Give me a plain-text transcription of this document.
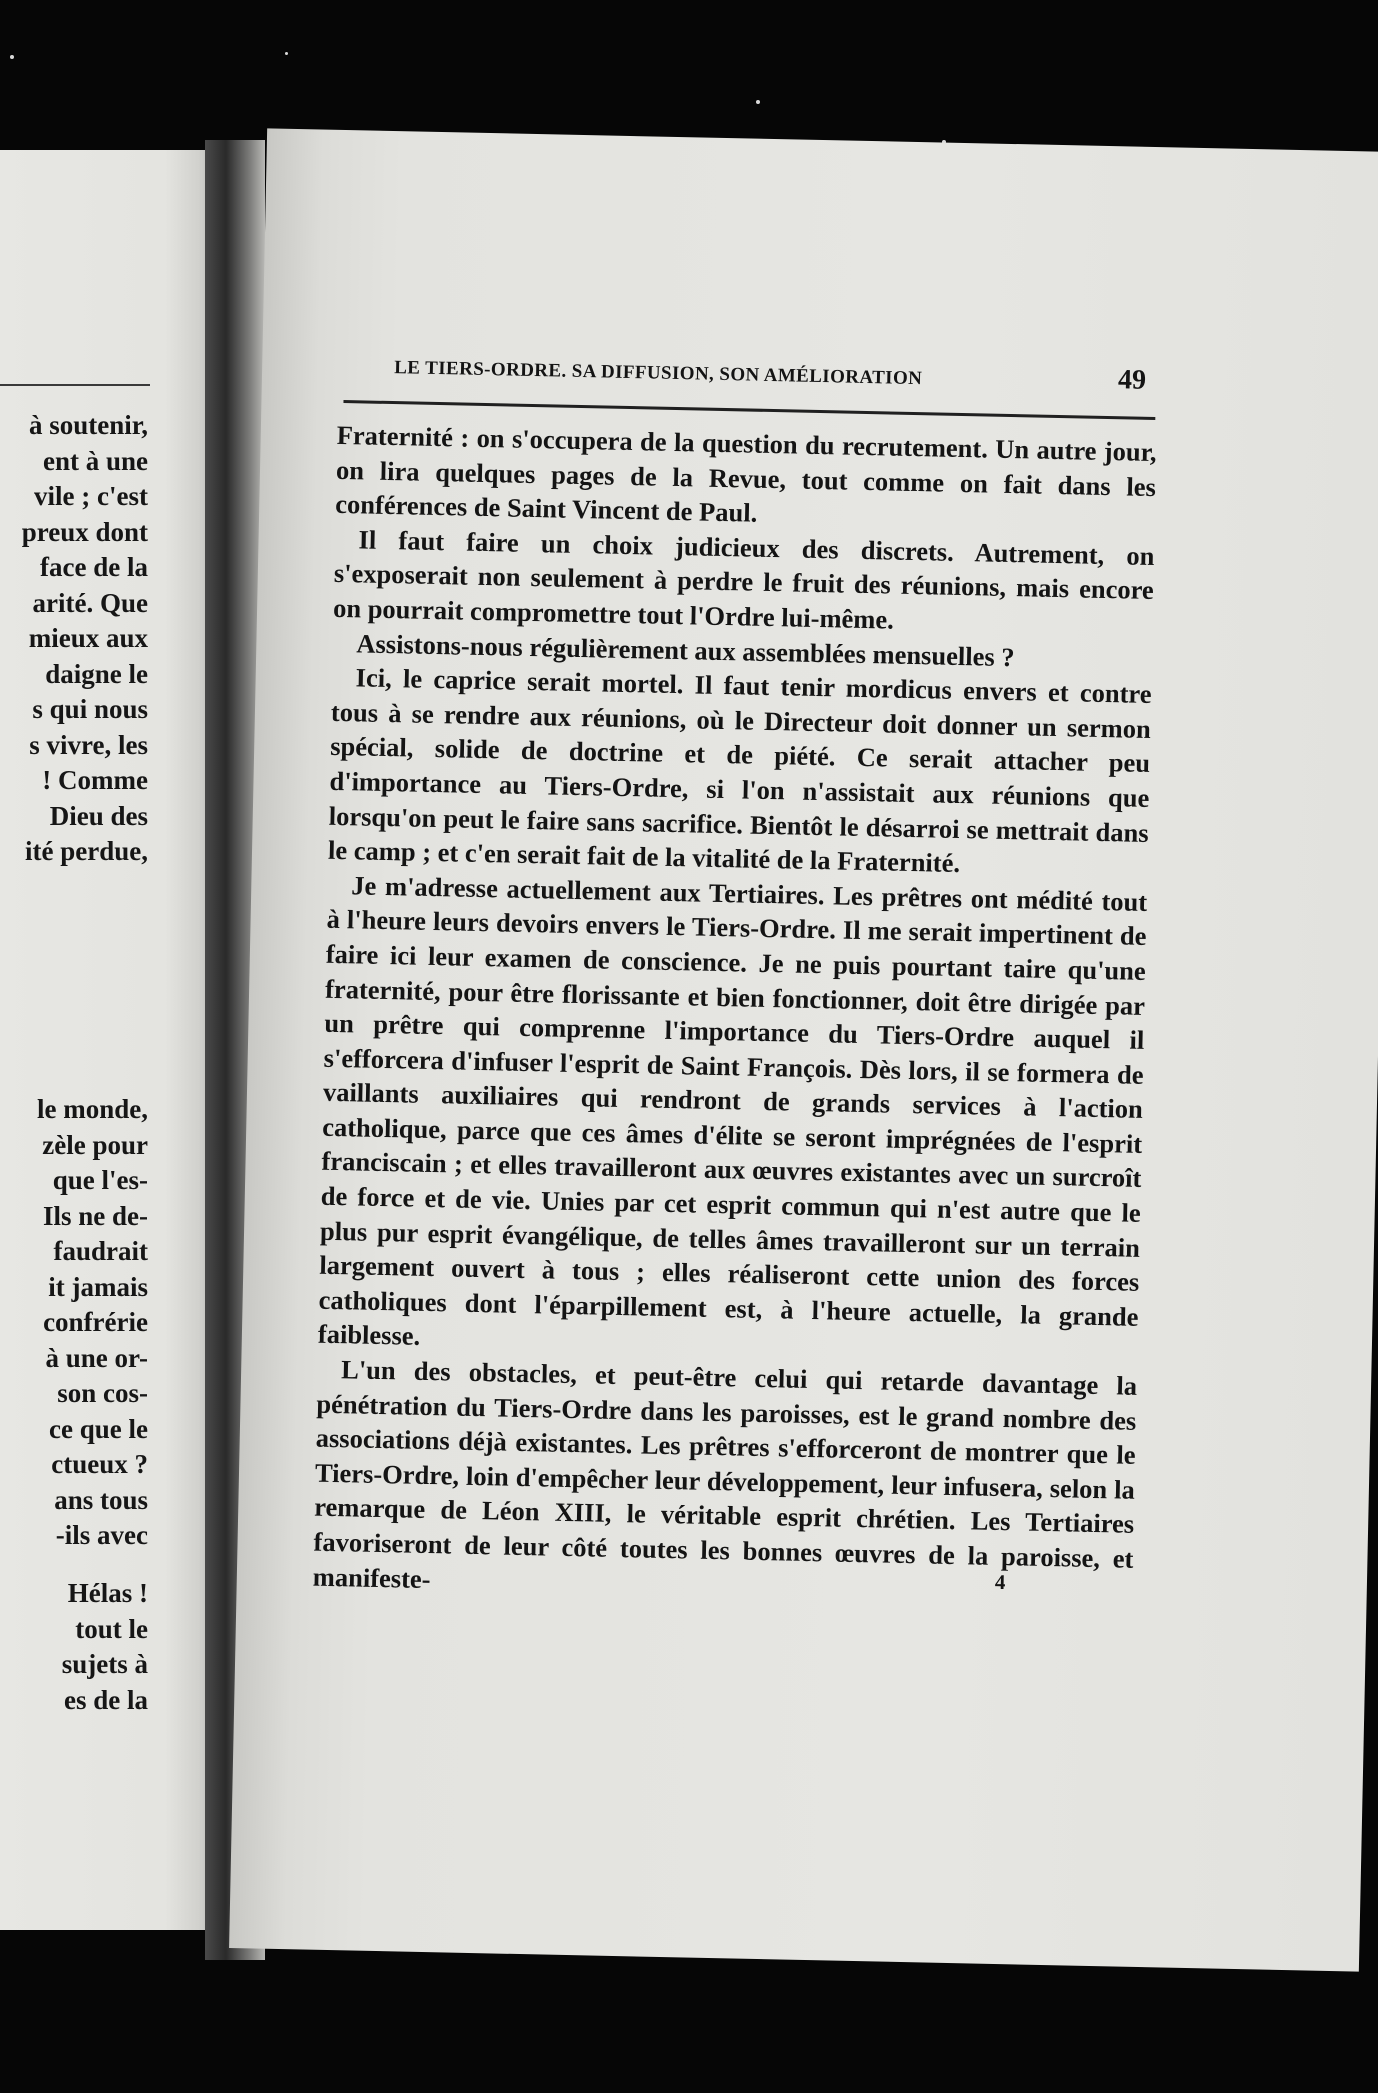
à soutenir,
ent à une
vile ; c'est
preux dont
face de la
arité. Que
mieux aux
daigne le
s qui nous
s vivre, les
! Comme
Dieu des
ité perdue,
le monde,
zèle pour
que l'es-
Ils ne de-
faudrait
it jamais
confrérie
à une or-
son cos-
ce que le
ctueux ?
ans tous
-ils avec
Hélas !
tout le
sujets à
es de la
LE TIERS-ORDRE. SA DIFFUSION, SON AMÉLIORATION	49

Fraternité : on s'occupera de la question du recrutement. Un autre jour, on lira quelques pages de la Revue, tout comme on fait dans les conférences de Saint Vincent de Paul.

Il faut faire un choix judicieux des discrets. Autrement, on s'exposerait non seulement à perdre le fruit des réunions, mais encore on pourrait compromettre tout l'Ordre lui-même.

Assistons-nous régulièrement aux assemblées mensuelles ?

Ici, le caprice serait mortel. Il faut tenir mordicus envers et contre tous à se rendre aux réunions, où le Directeur doit donner un sermon spécial, solide de doctrine et de piété. Ce serait attacher peu d'importance au Tiers-Ordre, si l'on n'assistait aux réunions que lorsqu'on peut le faire sans sacrifice. Bientôt le désarroi se mettrait dans le camp ; et c'en serait fait de la vitalité de la Fraternité.

Je m'adresse actuellement aux Tertiaires. Les prêtres ont médité tout à l'heure leurs devoirs envers le Tiers-Ordre. Il me serait impertinent de faire ici leur examen de conscience. Je ne puis pourtant taire qu'une fraternité, pour être florissante et bien fonctionner, doit être dirigée par un prêtre qui comprenne l'importance du Tiers-Ordre auquel il s'efforcera d'infuser l'esprit de Saint François. Dès lors, il se formera de vaillants auxiliaires qui rendront de grands services à l'action catholique, parce que ces âmes d'élite se seront imprégnées de l'esprit franciscain ; et elles travailleront aux œuvres existantes avec un surcroît de force et de vie. Unies par cet esprit commun qui n'est autre que le plus pur esprit évangélique, de telles âmes travailleront sur un terrain largement ouvert à tous ; elles réaliseront cette union des forces catholiques dont l'éparpillement est, à l'heure actuelle, la grande faiblesse.

L'un des obstacles, et peut-être celui qui retarde davantage la pénétration du Tiers-Ordre dans les paroisses, est le grand nombre des associations déjà existantes. Les prêtres s'efforceront de montrer que le Tiers-Ordre, loin d'empêcher leur développement, leur infusera, selon la remarque de Léon XIII, le véritable esprit chrétien. Les Tertiaires favoriseront de leur côté toutes les bonnes œuvres de la paroisse, et manifeste-	4
